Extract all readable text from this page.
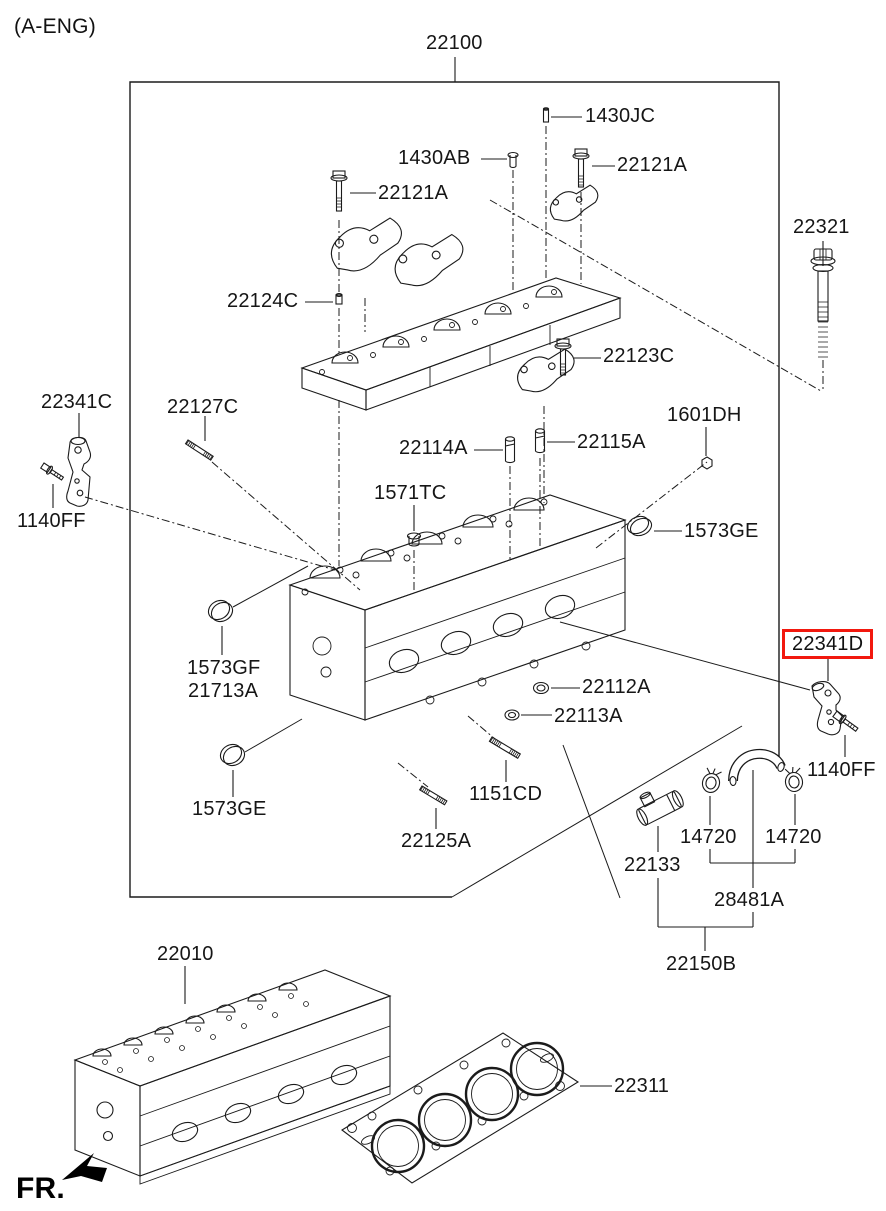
(A-ENG)
22100
1430JC
1430AB	22121A
22121A
22321
22124C
22123C
22341C	22127C	1601DH
22114A	22115A
1571TC
1140FF	1573GE
1573GF
21713A
22341D
22112A
22113A
1140FF
1573GE
1151CD
22125A	14720 14720
22133
28481A
22150B
22010
22311
FR.
